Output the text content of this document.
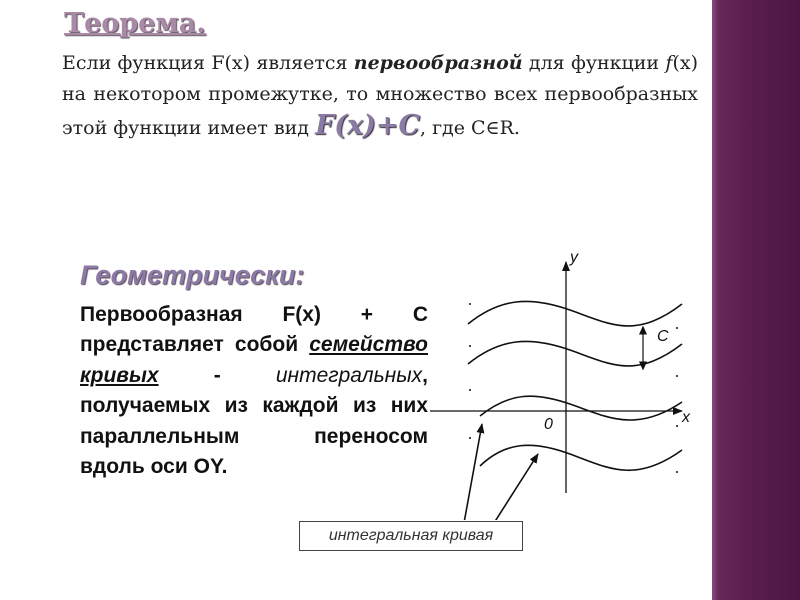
Теорема.
Если функция F(x) является первообразной для функции f(x) на некотором промежутке, то множество всех первообразных этой функции имеет вид F(x)+C, где C∈R.
Геометрически:
Первообразная F(x) + C представляет собой семейство кривых - интегральных, получаемых из каждой из них параллельным переносом вдоль оси OY.
y
x
0
C
интегральная кривая
